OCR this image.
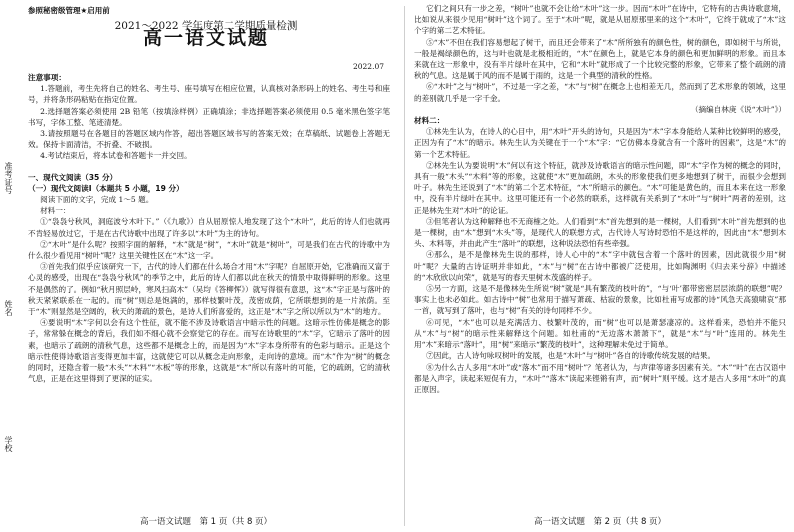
准考证号
姓名
学校
参照秘密级管理★启用前
2021～2022 学年度第二学期质量检测
高一语文试题
2022.07

注意事项：

1.答题前，考生先将自己的姓名、考生号、座号填写在相应位置，认真核对条形码上的姓名、考生号和座号，并将条形码粘贴在指定位置。

2.选择题答案必须使用 2B 铅笔（按填涂样例）正确填涂；非选择题答案必须使用 0.5 毫米黑色签字笔书写，字体工整、笔迹清楚。

3.请按照题号在各题目的答题区域内作答，超出答题区域书写的答案无效；在草稿纸、试题卷上答题无效。保持卡面清洁，不折叠、不破损。

4.考试结束后，将本试卷和答题卡一并交回。

一、现代文阅读（35 分）

（一）现代文阅读Ⅰ（本题共 5 小题，19 分）

阅读下面的文字，完成 1～5 题。

材料一：

①“袅袅兮秋风，洞庭波兮木叶下。”（《九歌》）自从屈原惊人地发现了这个“木叶”，此后的诗人们也就再不肯轻易放过它，于是在古代诗歌中出现了许多以“木叶”为主的诗句。

②“木叶”是什么呢？按照字面的解释，“木”就是“树”，“木叶”就是“树叶”，可是我们在古代的诗歌中为什么很少看见用“树叶”呢？这里关键性区在“木”这一字。

③首先我们似乎应该研究一下，古代的诗人们都在什么场合才用“木”字呢？自屈原开始，它准确而又富于心灵的感受，出现在“袅袅兮秋风”的季节之中，此后的诗人们都以此在秋天的情景中取得鲜明的形象。这里不是偶然的了。例如“秋月照层岭，寒风扫高木”（吴均《答柳恽》）就写得很有意思，这“木”字正是与落叶的秋天紧紧联系在一起的。而“树”则总是饱满的，那样枝繁叶茂，茂密成荫，它所联想到的是一片浓荫。至于“木”则显然是空阔的，秋天的萧疏的景色，是诗人们所喜爱的，这正是“木”字之所以所以为“木”的地方。

④要说明“木”字何以会有这个性征，就不能不涉及诗歌语言中暗示性的问题。这暗示性仿佛是概念的影子，常常躲在概念的背后，我们如不细心就不会察觉它的存在。而写在诗歌里的“木”字，它暗示了落叶的因素，也暗示了疏朗的清秋气息，这些都不是概念上的，而是因为“木”字本身所带有的色彩与暗示。正是这个暗示性使得诗歌语言变得更加丰富，这就使它可以从概念走向形象，走向诗的意境。而“木”作为“树”的概念的同时，还隐含着一般“木头”“木料”“木板”等的形象，这就是“木”所以有落叶的可能，它的疏朗，它的清秋气息，正是在这里得到了更深的证实。

高一语文试题　第 1 页（共 8 页）

它们之间只有一步之差，“树叶”也就不会让给“木叶”这一步。因而“木叶”在诗中，它特有的古典诗歌意境，比如说从来很少见用“树叶”这个词了。至于“木叶”呢，就是从屈原那里来的这个“木叶”，它终于就成了“木”这个字的第二艺术特征。

⑤“木”不但在我们容易想起了树干，而且还会带来了“木”所所独有的颜色性，树的颜色，即如树干与所说，一般是褐绿颜色的，这与叶也就是北极相近的，“木”在颜色上，就是它本身的颜色和更加鲜明的形象。而且本来就在这一形象中，没有半片绿叶在其中，它和“木叶”就形成了一个比较完整的形象，它带来了整个疏朗的清秋的气息。这是属于风的而不是属于雨的，这是一个典型的清秋的性格。

⑥“木叶”之与“树叶”，不过是一字之差，“木”与“树”在概念上也相差无几，然而到了艺术形象的领域，这里的差别就几乎是一字千金。

（摘编自林庚《说“木叶”》）

材料二：

①林先生认为，在诗人的心目中，用“木叶”开头的诗句，只是因为“木”字本身能给人某种比较鲜明的感受，正因为有了“木”的暗示。林先生认为关键在于一个“木”字：“它仿佛本身就含有一个落叶的因素”，这是“木”的第一个艺术特征。

②林先生认为要说明“木”何以有这个特征，就涉及诗歌语言的暗示性问题，即“木”字作为树的概念的同时，具有一般“木头”“木料”等的形象，这就使“木”更加疏朗，木头的形象使我们更多地想到了树干，而很少会想到叶子。林先生还说到了“木”的第二个艺术特征，“木”所暗示的颜色。“木”可能是黄色的，而且本来在这一形象中，没有半片绿叶在其中。这里可能还有一个必然的联系，这样就有关系到了“木叶”与“树叶”两者的差别，这正是林先生对“木叶”的论证。

③但笔者认为这种解释也不无商榷之处。人们看到“木”首先想到的是一棵树，人们看到“木叶”首先想到的也是一棵树，由“木”想到“木头”等，是现代人的联想方式，古代诗人写诗时恐怕不是这样的，因此由“木”想到木头、木料等，并由此产生“落叶”的联想，这种说法恐怕有些牵强。

④那么，是不是像林先生说的那样，诗人心中的“木”字中就包含着一个落叶的因素，因此就很少用“树叶”呢？大量的古诗证明并非如此，“木”与“树”在古诗中都被广泛使用，比如陶渊明《归去来兮辞》中描述的“木欣欣以向荣”，就是写的春天里树木茂盛的样子。

⑤另一方面，这是不是像林先生所说“树”就是“具有繁茂的枝叶的”，“与‘叶’都带密密层层浓荫的联想”呢？事实上也未必如此。如古诗中“树”也常用于描写萧疏、枯寂的景象，比如杜甫写成都的诗“风急天高猿啸哀”那一首，就写到了落叶，也与“树”有关的诗句同样不少。

⑥可见，“木”也可以是充满活力、枝繁叶茂的，而“树”也可以是萧瑟凄凉的。这样看来，恐怕并不能只从“木”与“树”的暗示性来解释这个问题。如杜甫的“无边落木萧萧下”，就是“木”与“叶”连用的。林先生用“木”来暗示“落叶”，用“树”来暗示“繁茂的枝叶”，这种理解未免过于简单。

⑦因此，古人诗句咏叹树叶的发展，也是“木叶”与“树叶”各自的诗歌传统发展的结果。

⑧为什么古人多用“木叶”或“落木”而不用“树叶”？笔者认为，与声律等诸多因素有关。“木”“叶”在古汉语中都是入声字，读起来短促有力，“木叶”“落木”读起来铿锵有声，而“树叶”则平缓。这才是古人多用“木叶”的真正原因。

高一语文试题　第 2 页（共 8 页）
